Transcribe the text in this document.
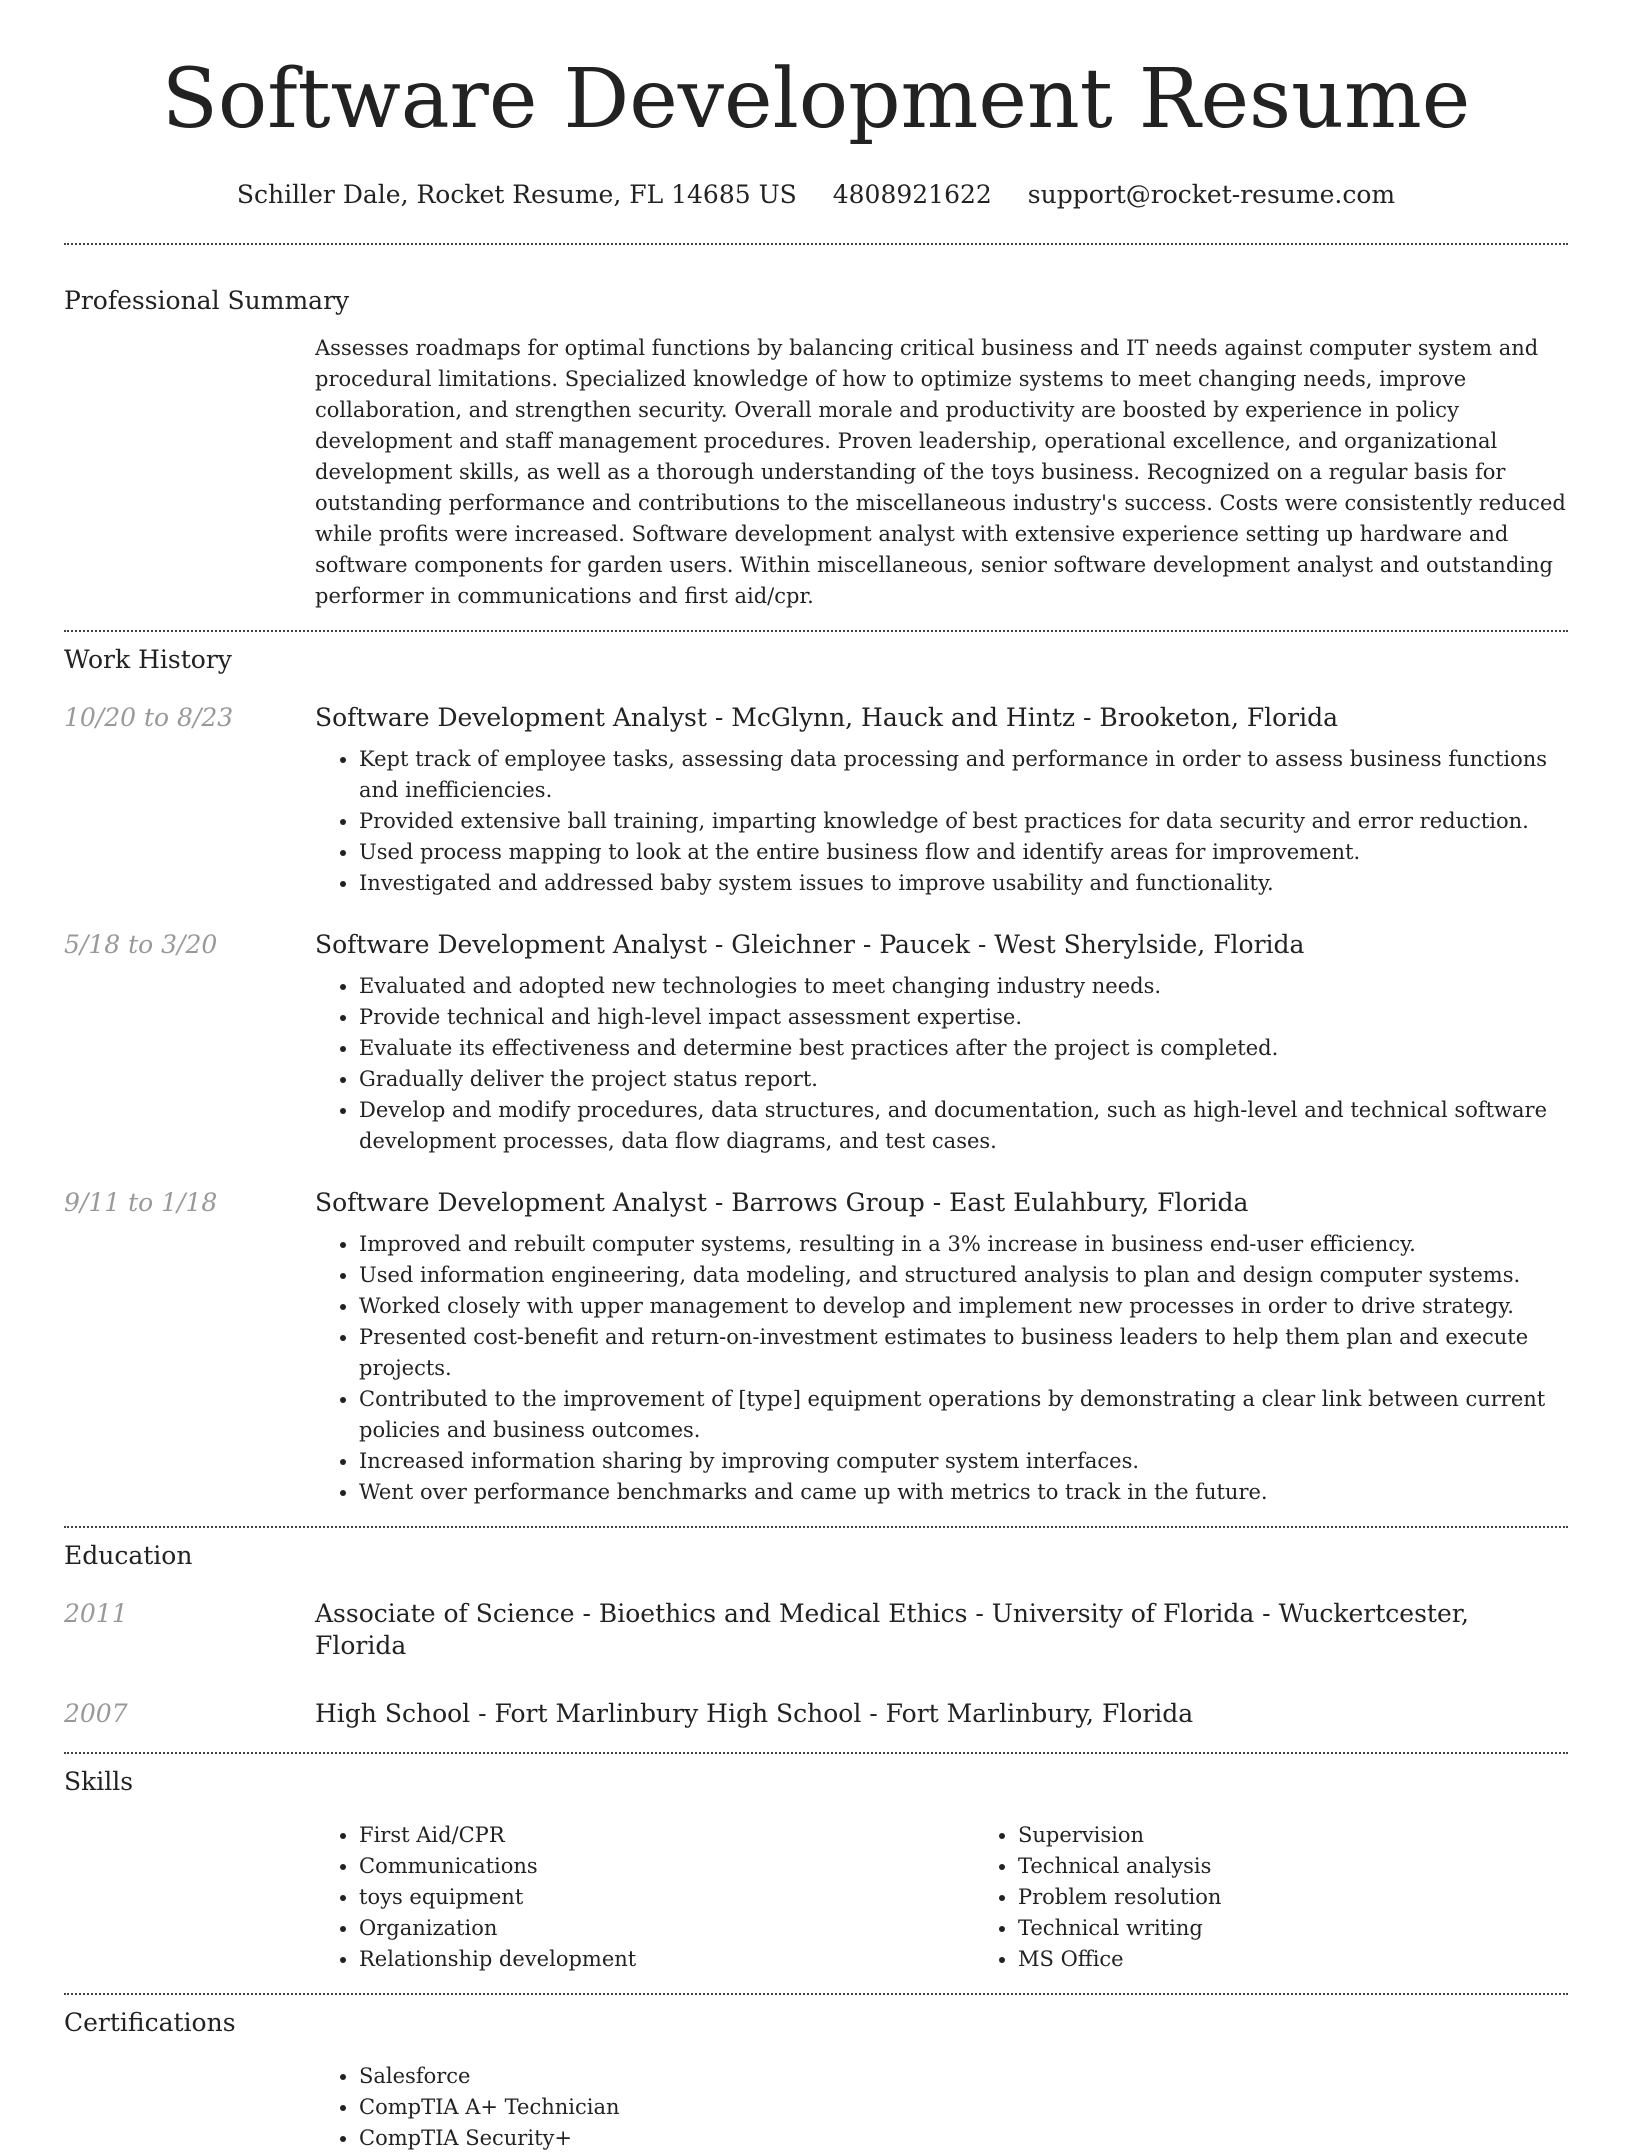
Software Development Resume
Schiller Dale, Rocket Resume, FL 14685 US 4808921622 support@rocket-resume.com
Professional Summary
Assesses roadmaps for optimal functions by balancing critical business and IT needs against computer system and procedural limitations. Specialized knowledge of how to optimize systems to meet changing needs, improve collaboration, and strengthen security. Overall morale and productivity are boosted by experience in policy development and staff management procedures. Proven leadership, operational excellence, and organizational development skills, as well as a thorough understanding of the toys business. Recognized on a regular basis for outstanding performance and contributions to the miscellaneous industry's success. Costs were consistently reduced while profits were increased. Software development analyst with extensive experience setting up hardware and software components for garden users. Within miscellaneous, senior software development analyst and outstanding performer in communications and first aid/cpr.
Work History
10/20 to 8/23	Software Development Analyst - McGlynn, Hauck and Hintz - Brooketon, Florida
• Kept track of employee tasks, assessing data processing and performance in order to assess business functions and inefficiencies.
• Provided extensive ball training, imparting knowledge of best practices for data security and error reduction.
• Used process mapping to look at the entire business flow and identify areas for improvement.
• Investigated and addressed baby system issues to improve usability and functionality.
5/18 to 3/20	Software Development Analyst - Gleichner - Paucek - West Sherylside, Florida
• Evaluated and adopted new technologies to meet changing industry needs.
• Provide technical and high-level impact assessment expertise.
• Evaluate its effectiveness and determine best practices after the project is completed.
• Gradually deliver the project status report.
• Develop and modify procedures, data structures, and documentation, such as high-level and technical software development processes, data flow diagrams, and test cases.
9/11 to 1/18	Software Development Analyst - Barrows Group - East Eulahbury, Florida
• Improved and rebuilt computer systems, resulting in a 3% increase in business end-user efficiency.
• Used information engineering, data modeling, and structured analysis to plan and design computer systems.
• Worked closely with upper management to develop and implement new processes in order to drive strategy.
• Presented cost-benefit and return-on-investment estimates to business leaders to help them plan and execute projects.
• Contributed to the improvement of [type] equipment operations by demonstrating a clear link between current policies and business outcomes.
• Increased information sharing by improving computer system interfaces.
• Went over performance benchmarks and came up with metrics to track in the future.
Education
2011	Associate of Science - Bioethics and Medical Ethics - University of Florida - Wuckertcester, Florida
2007	High School - Fort Marlinbury High School - Fort Marlinbury, Florida
Skills
• First Aid/CPR
• Communications
• toys equipment
• Organization
• Relationship development
• Supervision
• Technical analysis
• Problem resolution
• Technical writing
• MS Office
Certifications
• Salesforce
• CompTIA A+ Technician
• CompTIA Security+
